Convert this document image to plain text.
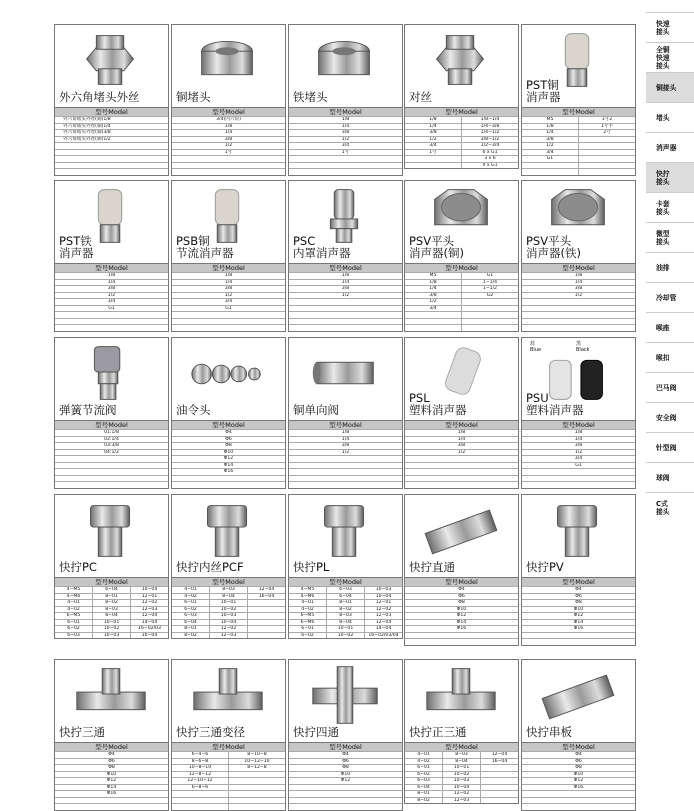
外六角堵头外丝
型号Model
外六角堵头外丝(铜)1/8
外六角堵头外丝(铜)1/4
外六角堵头外丝(铜)3/8
外六角堵头外丝(铜)1/2
铜堵头
型号Model
3/4(内六角)
1/8
1/4
3/8
1/2
1寸
铁堵头
型号Model
1/8
1/4
3/8
1/2
3/4
1寸
对丝
型号Model
1/8	1/8−1/4
1/4	1/4−3/8
3/8	1/4−1/2
1/2	3/8−1/2
3/4	1/2−3/4
1寸	6 x G1
3 x 6
4 x G1
PST铜
消声器
型号Model
M5	1寸2
1/8	1寸半
1/4	2寸
3/8
1/2
3/4
G1
PST铁
消声器
型号Model
1/8
1/4
3/8
1/2
3/4
G1
PSB铜
节流消声器
型号Model
1/8
1/4
3/8
1/2
3/4
G1
PSC
内罩消声器
型号Model
1/8
1/4
3/8
1/2
PSV平头
消声器(铜)
型号Model
M5	G1
1/8	1−1/4
1/4	1−1/2
3/8	G2
1/2
3/4
PSV平头
消声器(铁)
型号Model
1/8
1/4
3/8
1/2
弹簧节流阀
型号Model
01:1/8
02:1/4
03:3/8
04:1/2
油令头
型号Model
Φ4
Φ6
Φ8
Φ10
Φ12
Φ14
Φ16
铜单向阀
型号Model
1/8
1/4
3/8
1/2
PSL
塑料消声器
型号Model
1/8
1/4
3/8
1/2
蓝
Blue
黑
Black
PSU
塑料消声器
型号Model
1/8
1/4
3/8
1/2
3/4
G1
快拧PC
型号Model
4−M5	6−04	10−04
4−M6	8−01	12−01
4−01	8−02	12−02
4−02	8−03	12−03
6−M5	8−04	12−04
6−01	10−01	14−04
6−02	10−02	16−02/03
6−03	10−03	16−04
快拧内丝PCF
型号Model
4−01	8−03	12−04
4−02	8−04	16−04
6−01	10−01
6−02	10−02
6−03	10−03
6−04	10−04
8−01	12−02
8−02	12−03
快拧PL
型号Model
4−M5	6−03	10−03
4−M6	6−04	10−04
4−01	8−01	12−01
4−02	8−02	12−02
6−M5	8−03	12−03
6−M6	8−04	12−04
6−01	10−01	14−04
6−02	10−02	16−02/03/04
快拧直通
型号Model
Φ4
Φ6
Φ8
Φ10
Φ12
Φ14
Φ16
快拧PV
型号Model
Φ4
Φ6
Φ8
Φ10
Φ12
Φ14
Φ16
快拧三通
型号Model
Φ4
Φ6
Φ8
Φ10
Φ12
Φ14
Φ16
快拧三通变径
型号Model
6−4−6	8−10−8
8−6−8	10−12−10
10−8−10	8−12−8
12−8−12
12−10−12
6−8−6
快拧四通
型号Model
Φ4
Φ6
Φ8
Φ10
Φ12
快拧正三通
型号Model
4−01	8−03	12−04
4−02	8−04	16−04
6−01	10−01
6−02	10−02
6−03	10−03
6−04	10−04
8−01	12−02
8−02	12−03
快拧串板
型号Model
Φ4
Φ6
Φ8
Φ10
Φ12
Φ16
快速
接头
全铜
快速
接头
铜接头
堵头
消声器
快拧
接头
卡套
接头
微型
接头
油排
冷却管
喉座
喉扣
巴马阀
安全阀
针型阀
球阀
C式
接头
